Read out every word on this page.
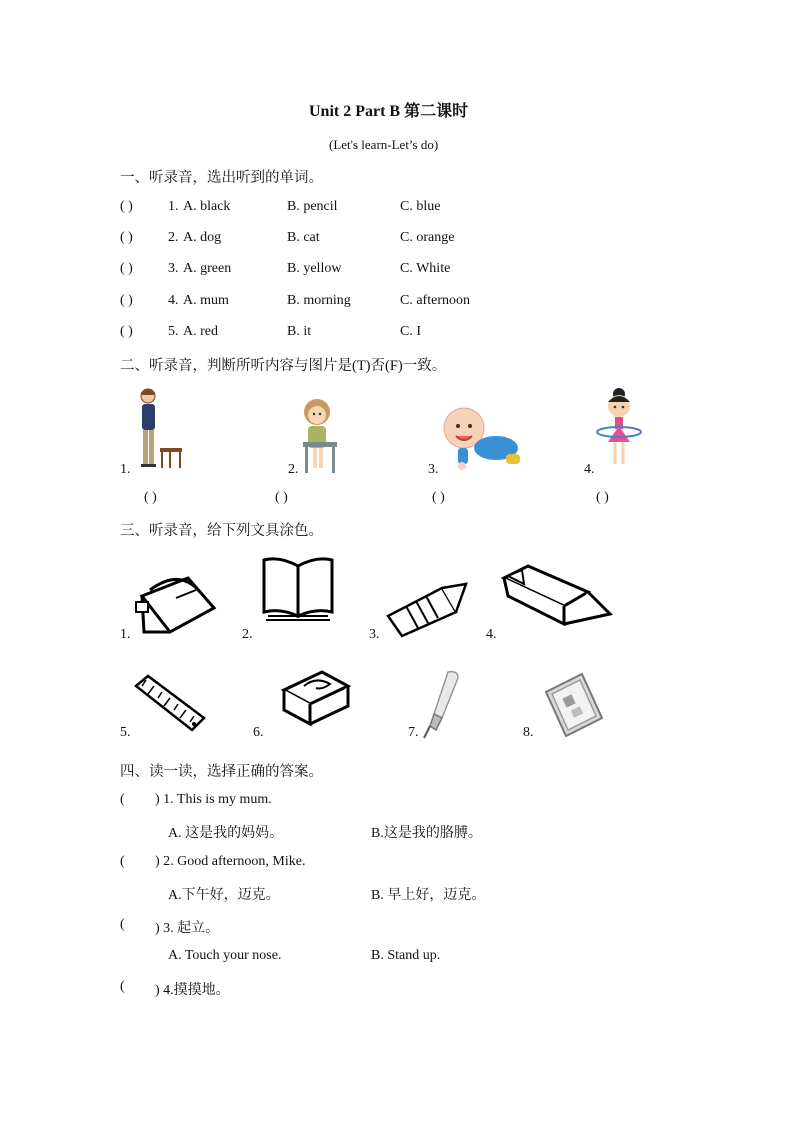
Unit 2 Part B 第二课时
(Let's learn-Let’s do)
一、听录音，选出听到的单词。
( )	1. A. black	B. pencil	C. blue
( )	2. A. dog	B. cat	C. orange
( )	3. A. green	B. yellow	C. White
( )	4. A. mum	B. morning	C. afternoon
( )	5. A. red	B. it	C. I
二、听录音，判断所听内容与图片是(T)否(F)一致。
1.	2.	3.	4.
( )	( )	( )	( )
三、听录音，给下列文具涂色。
1.	2.	3.	4.
5.	6.	7.	8.
四、读一读，选择正确的答案。
( ) 1. This is my mum.
A. 这是我的妈妈。	B.这是我的胳膊。
( ) 2. Good afternoon, Mike.
A.下午好，迈克。	B. 早上好，迈克。
( ) 3. 起立。
A. Touch your nose.	B. Stand up.
( ) 4.摸摸地。
